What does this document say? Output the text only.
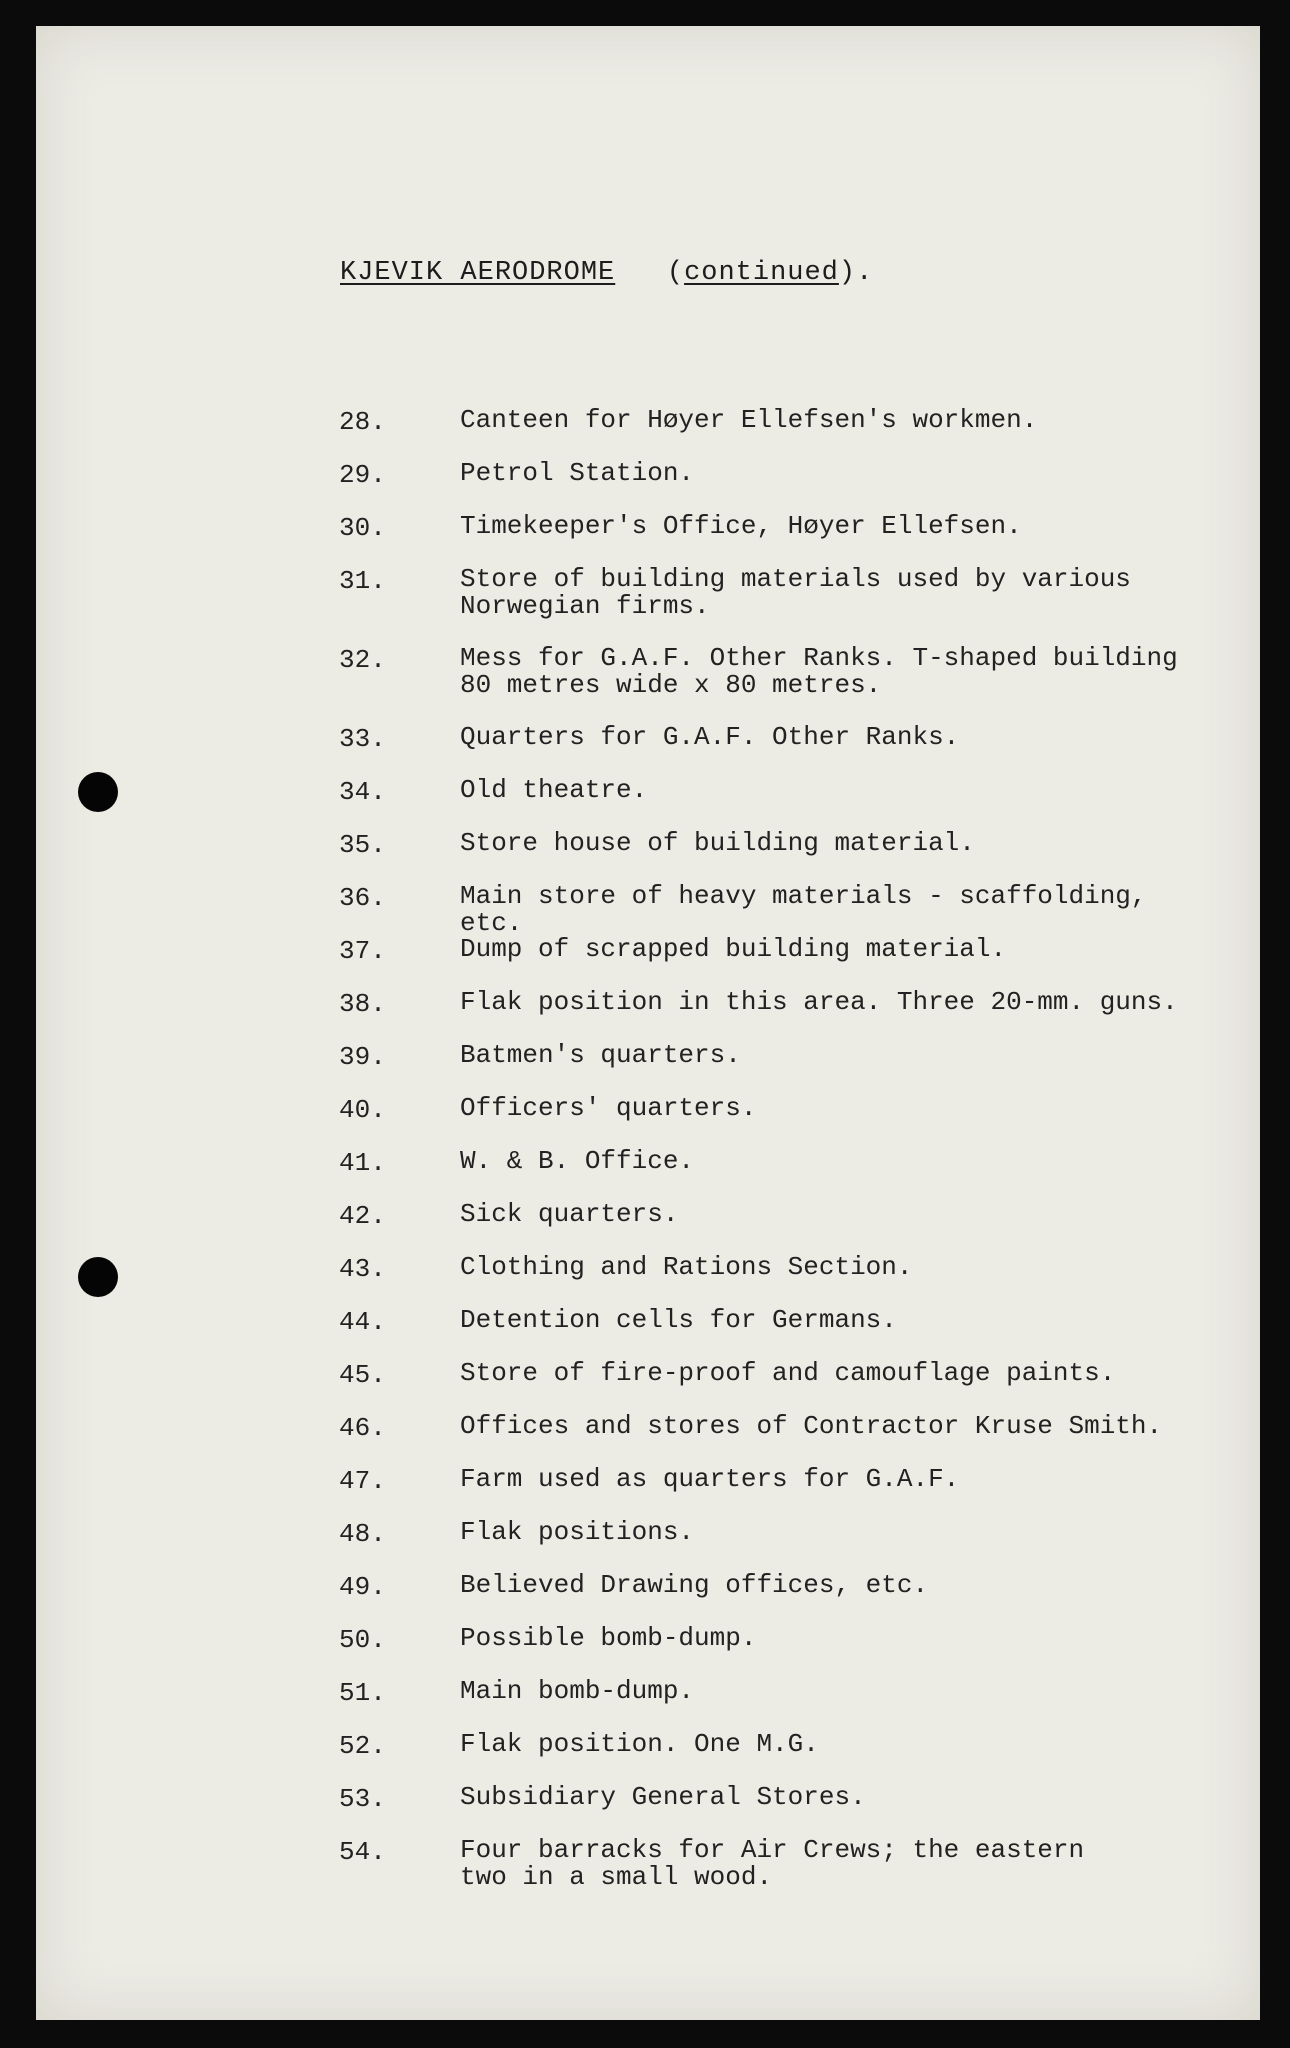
KJEVIK AERODROME (continued).
28.	Canteen for Høyer Ellefsen's workmen.
29.	Petrol Station.
30.	Timekeeper's Office, Høyer Ellefsen.
31.	Store of building materials used by various
Norwegian firms.
32.	Mess for G.A.F. Other Ranks. T-shaped building
80 metres wide x 80 metres.
33.	Quarters for G.A.F. Other Ranks.
34.	Old theatre.
35.	Store house of building material.
36.	Main store of heavy materials - scaffolding, etc.
37.	Dump of scrapped building material.
38.	Flak position in this area. Three 20-mm. guns.
39.	Batmen's quarters.
40.	Officers' quarters.
41.	W. & B. Office.
42.	Sick quarters.
43.	Clothing and Rations Section.
44.	Detention cells for Germans.
45.	Store of fire-proof and camouflage paints.
46.	Offices and stores of Contractor Kruse Smith.
47.	Farm used as quarters for G.A.F.
48.	Flak positions.
49.	Believed Drawing offices, etc.
50.	Possible bomb-dump.
51.	Main bomb-dump.
52.	Flak position. One M.G.
53.	Subsidiary General Stores.
54.	Four barracks for Air Crews; the eastern
two in a small wood.
